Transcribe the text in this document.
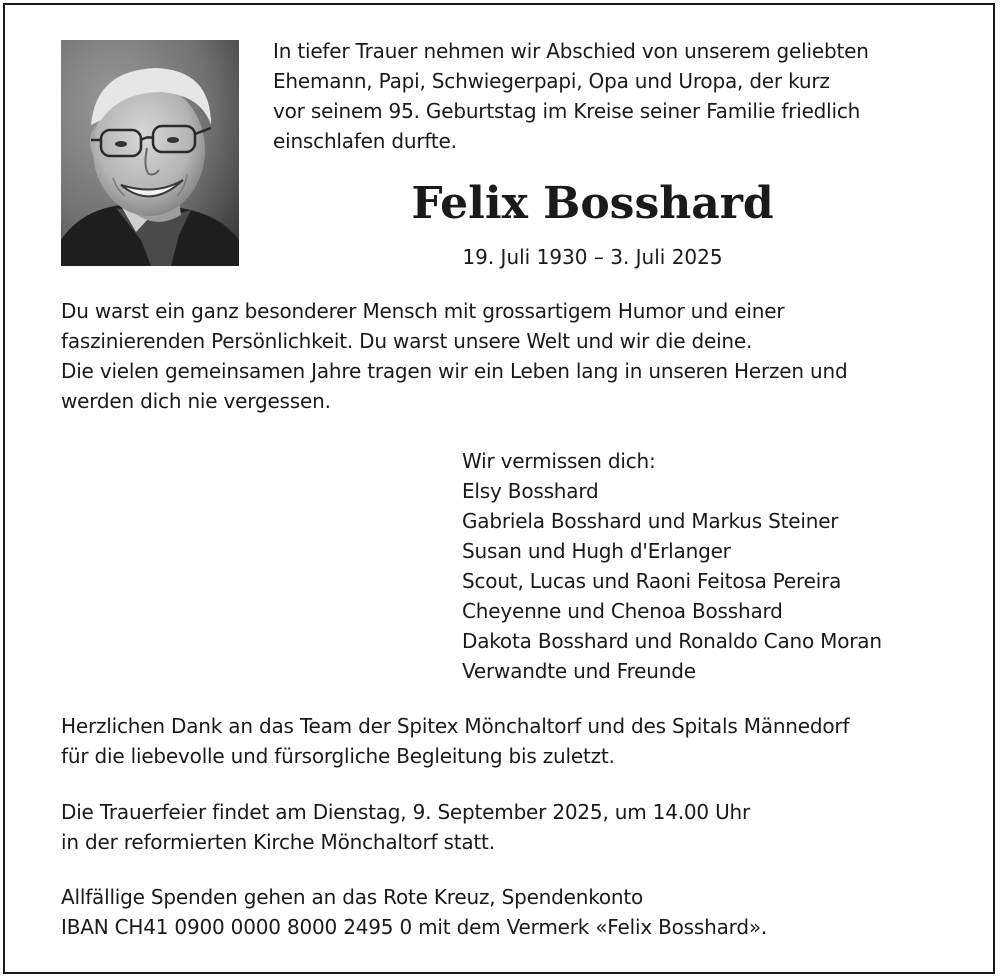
In tiefer Trauer nehmen wir Abschied von unserem geliebten
Ehemann, Papi, Schwiegerpapi, Opa und Uropa, der kurz
vor seinem 95. Geburtstag im Kreise seiner Familie friedlich
einschlafen durfte.
Felix Bosshard
19. Juli 1930 – 3. Juli 2025
Du warst ein ganz besonderer Mensch mit grossartigem Humor und einer
faszinierenden Persönlichkeit. Du warst unsere Welt und wir die deine.
Die vielen gemeinsamen Jahre tragen wir ein Leben lang in unseren Herzen und
werden dich nie vergessen.
Wir vermissen dich:
Elsy Bosshard
Gabriela Bosshard und Markus Steiner
Susan und Hugh d'Erlanger
Scout, Lucas und Raoni Feitosa Pereira
Cheyenne und Chenoa Bosshard
Dakota Bosshard und Ronaldo Cano Moran
Verwandte und Freunde
Herzlichen Dank an das Team der Spitex Mönchaltorf und des Spitals Männedorf
für die liebevolle und fürsorgliche Begleitung bis zuletzt.
Die Trauerfeier findet am Dienstag, 9. September 2025, um 14.00 Uhr
in der reformierten Kirche Mönchaltorf statt.
Allfällige Spenden gehen an das Rote Kreuz, Spendenkonto
IBAN CH41 0900 0000 8000 2495 0 mit dem Vermerk «Felix Bosshard».
